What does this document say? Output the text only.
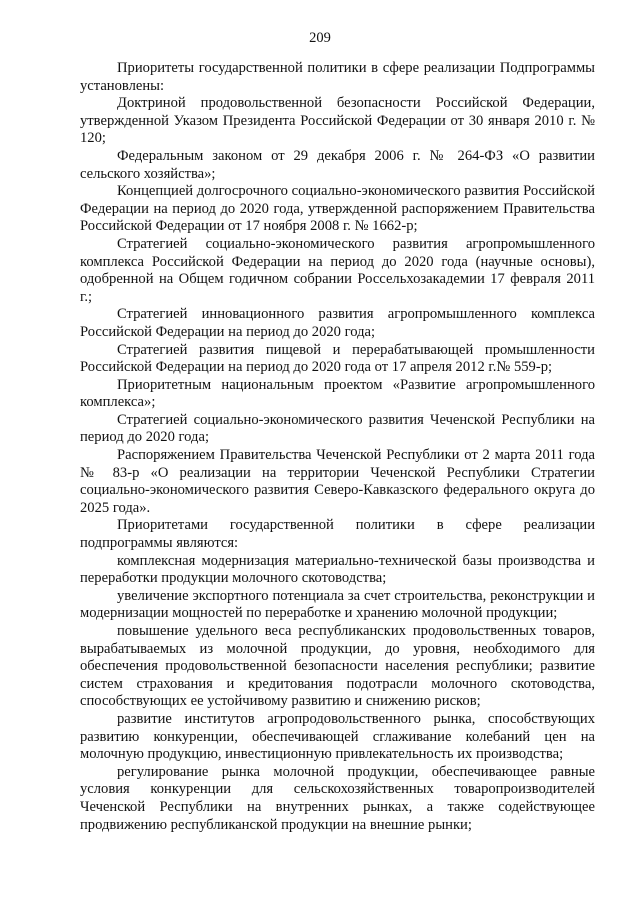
209

Приоритеты государственной политики в сфере реализации Подпрограммы установлены:

Доктриной продовольственной безопасности Российской Федерации, утвержденной Указом Президента Российской Федерации от 30 января 2010 г. № 120;

Федеральным законом от 29 декабря 2006 г. № 264-ФЗ «О развитии сельского хозяйства»;

Концепцией долгосрочного социально-экономического развития Российской Федерации на период до 2020 года, утвержденной распоряжением Правительства Российской Федерации от 17 ноября 2008 г. № 1662-р;

Стратегией социально-экономического развития агропромышленного комплекса Российской Федерации на период до 2020 года (научные основы), одобренной на Общем годичном собрании Россельхозакадемии 17 февраля 2011 г.;

Стратегией инновационного развития агропромышленного комплекса Российской Федерации на период до 2020 года;

Стратегией развития пищевой и перерабатывающей промышленности Российской Федерации на период до 2020 года от 17 апреля 2012 г.№ 559-р;

Приоритетным национальным проектом «Развитие агропромышленного комплекса»;

Стратегией социально-экономического развития Чеченской Республики на период до 2020 года;

Распоряжением Правительства Чеченской Республики от 2 марта 2011 года № 83-р «О реализации на территории Чеченской Республики Стратегии социально-экономического развития Северо-Кавказского федерального округа до 2025 года».

Приоритетами государственной политики в сфере реализации подпрограммы являются:

комплексная модернизация материально-технической базы производства и переработки продукции молочного скотоводства;

увеличение экспортного потенциала за счет строительства, реконструкции и модернизации мощностей по переработке и хранению молочной продукции;

повышение удельного веса республиканских продовольственных товаров, вырабатываемых из молочной продукции, до уровня, необходимого для обеспечения продовольственной безопасности населения республики; развитие систем страхования и кредитования подотрасли молочного скотоводства, способствующих ее устойчивому развитию и снижению рисков;

развитие институтов агропродовольственного рынка, способствующих развитию конкуренции, обеспечивающей сглаживание колебаний цен на молочную продукцию, инвестиционную привлекательность их производства;

регулирование рынка молочной продукции, обеспечивающее равные условия конкуренции для сельскохозяйственных товаропроизводителей Чеченской Республики на внутренних рынках, а также содействующее продвижению республиканской продукции на внешние рынки;
